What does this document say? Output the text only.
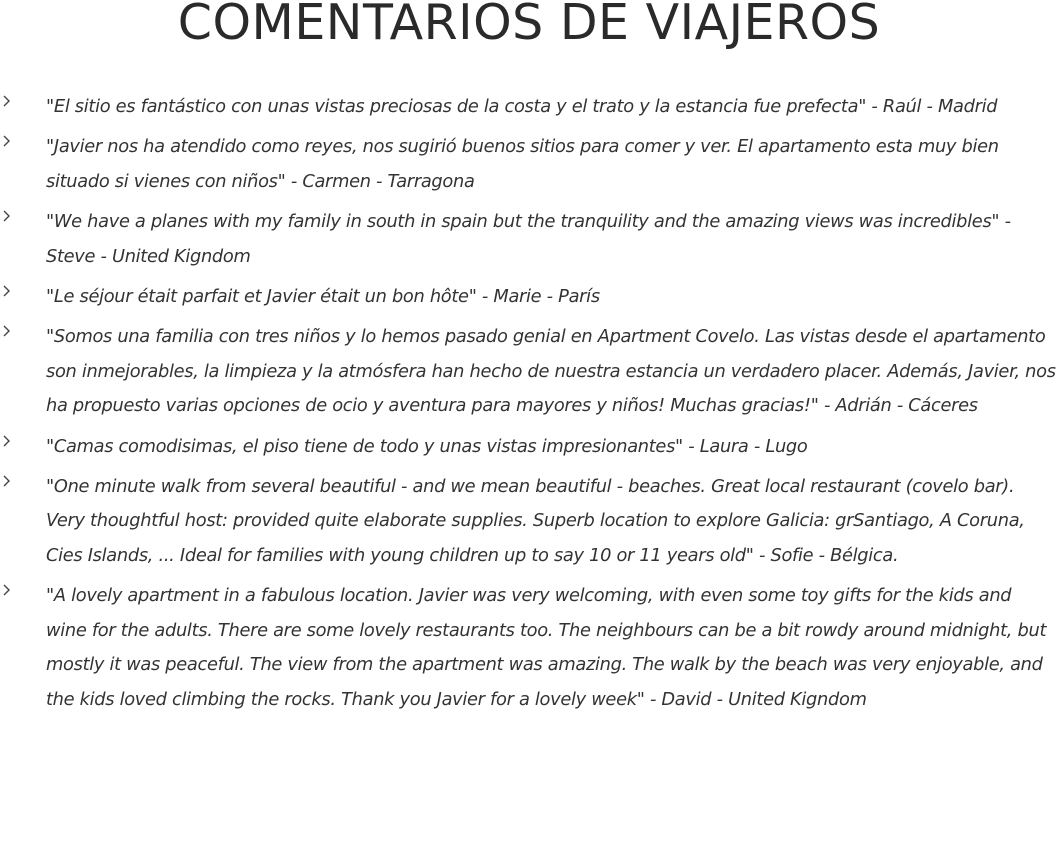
COMENTARIOS DE VIAJEROS
"El sitio es fantástico con unas vistas preciosas de la costa y el trato y la estancia fue prefecta" - Raúl - Madrid
"Javier nos ha atendido como reyes, nos sugirió buenos sitios para comer y ver. El apartamento esta muy bien situado si vienes con niños" - Carmen - Tarragona
"We have a planes with my family in south in spain but the tranquility and the amazing views was incredibles" - Steve - United Kigndom
"Le séjour était parfait et Javier était un bon hôte" - Marie - París
"Somos una familia con tres niños y lo hemos pasado genial en Apartment Covelo. Las vistas desde el apartamento son inmejorables, la limpieza y la atmósfera han hecho de nuestra estancia un verdadero placer. Además, Javier, nos ha propuesto varias opciones de ocio y aventura para mayores y niños! Muchas gracias!" - Adrián - Cáceres
"Camas comodisimas, el piso tiene de todo y unas vistas impresionantes" - Laura - Lugo
"One minute walk from several beautiful - and we mean beautiful - beaches. Great local restaurant (covelo bar). Very thoughtful host: provided quite elaborate supplies. Superb location to explore Galicia: grSantiago, A Coruna, Cies Islands, ... Ideal for families with young children up to say 10 or 11 years old" - Sofie - Bélgica.
"A lovely apartment in a fabulous location. Javier was very welcoming, with even some toy gifts for the kids and wine for the adults. There are some lovely restaurants too. The neighbours can be a bit rowdy around midnight, but mostly it was peaceful. The view from the apartment was amazing. The walk by the beach was very enjoyable, and the kids loved climbing the rocks. Thank you Javier for a lovely week" - David - United Kigndom
